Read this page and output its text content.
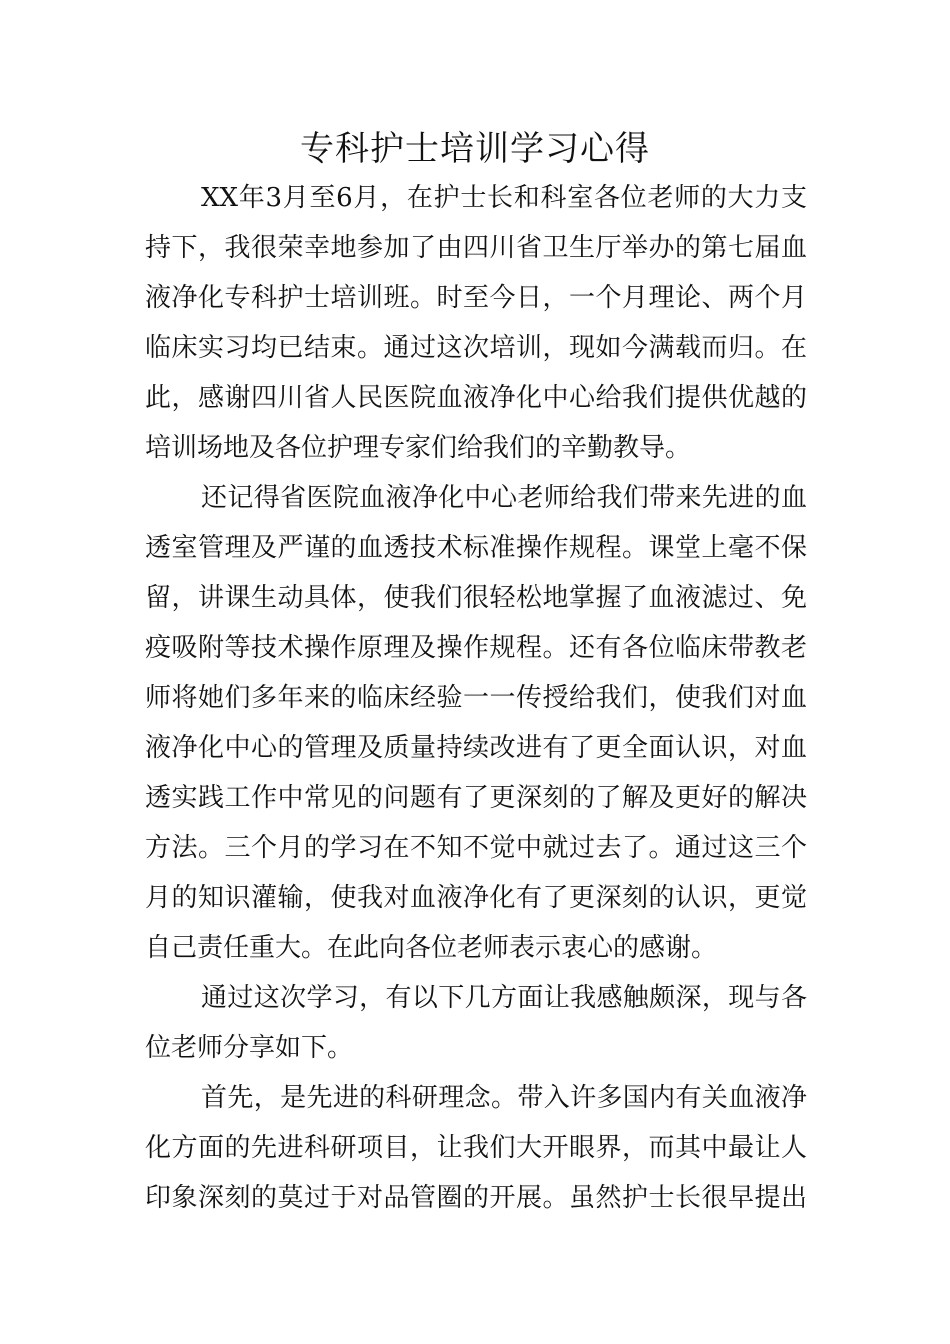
专科护士培训学习心得
XX年3月至6月，在护士长和科室各位老师的大力支
持下，我很荣幸地参加了由四川省卫生厅举办的第七届血
液净化专科护士培训班。时至今日，一个月理论、两个月
临床实习均已结束。通过这次培训，现如今满载而归。在
此，感谢四川省人民医院血液净化中心给我们提供优越的
培训场地及各位护理专家们给我们的辛勤教导。
还记得省医院血液净化中心老师给我们带来先进的血
透室管理及严谨的血透技术标准操作规程。课堂上毫不保
留，讲课生动具体，使我们很轻松地掌握了血液滤过、免
疫吸附等技术操作原理及操作规程。还有各位临床带教老
师将她们多年来的临床经验一一传授给我们，使我们对血
液净化中心的管理及质量持续改进有了更全面认识，对血
透实践工作中常见的问题有了更深刻的了解及更好的解决
方法。三个月的学习在不知不觉中就过去了。通过这三个
月的知识灌输，使我对血液净化有了更深刻的认识，更觉
自己责任重大。在此向各位老师表示衷心的感谢。
通过这次学习，有以下几方面让我感触颇深，现与各
位老师分享如下。
首先，是先进的科研理念。带入许多国内有关血液净
化方面的先进科研项目，让我们大开眼界，而其中最让人
印象深刻的莫过于对品管圈的开展。虽然护士长很早提出
